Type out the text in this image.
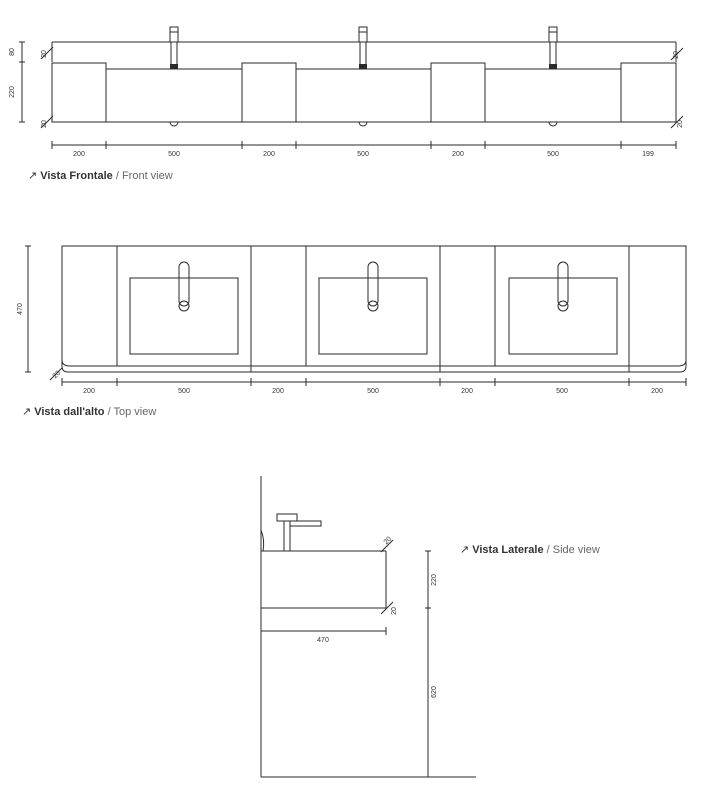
80
220
20
20
20
20
200	500	200	500	200	500	199
470
20
200	500	200	500	200	500	200
20
20
470
220
620
↗ Vista Frontale / Front view
↗ Vista dall'alto / Top view
↗ Vista Laterale / Side view
